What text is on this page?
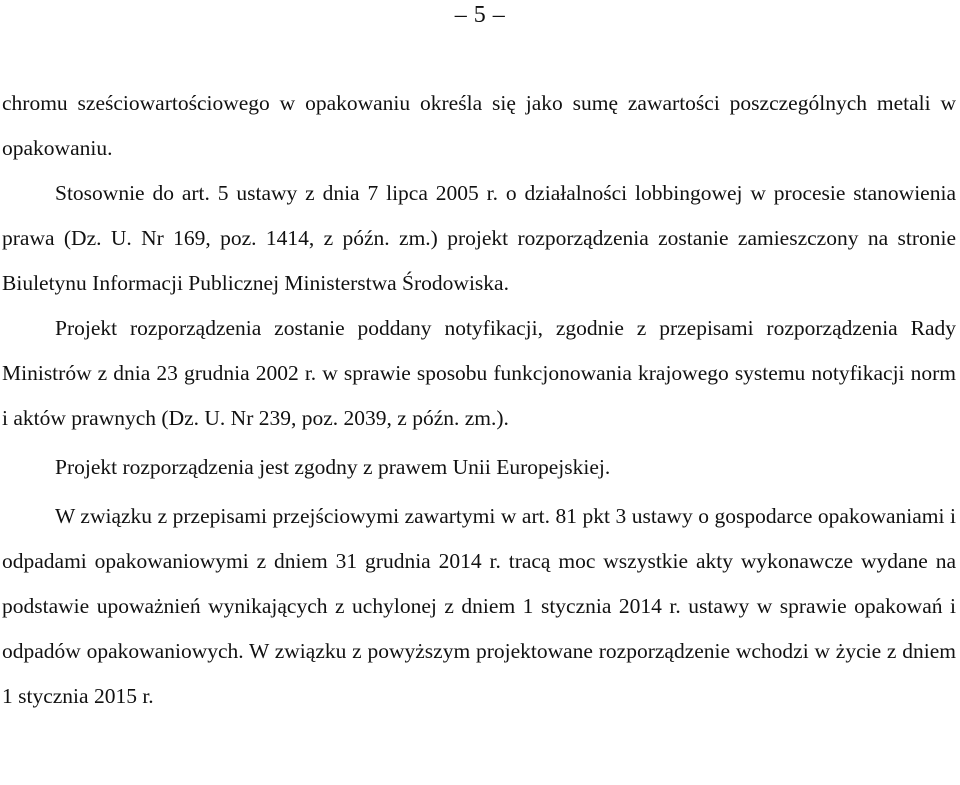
– 5 –

chromu sześciowartościowego w opakowaniu określa się jako sumę zawartości poszczególnych metali w opakowaniu.

Stosownie do art. 5 ustawy z dnia 7 lipca 2005 r. o działalności lobbingowej w procesie stanowienia prawa (Dz. U. Nr 169, poz. 1414, z późn. zm.) projekt rozporządzenia zostanie zamieszczony na stronie Biuletynu Informacji Publicznej Ministerstwa Środowiska.

Projekt rozporządzenia zostanie poddany notyfikacji, zgodnie z przepisami rozporządzenia Rady Ministrów z dnia 23 grudnia 2002 r. w sprawie sposobu funkcjonowania krajowego systemu notyfikacji norm i aktów prawnych (Dz. U. Nr 239, poz. 2039, z późn. zm.).

Projekt rozporządzenia jest zgodny z prawem Unii Europejskiej.

W związku z przepisami przejściowymi zawartymi w art. 81 pkt 3 ustawy o gospodarce opakowaniami i odpadami opakowaniowymi z dniem 31 grudnia 2014 r. tracą moc wszystkie akty wykonawcze wydane na podstawie upoważnień wynikających z uchylonej z dniem 1 stycznia 2014 r. ustawy w sprawie opakowań i odpadów opakowaniowych. W związku z powyższym projektowane rozporządzenie wchodzi w życie z dniem 1 stycznia 2015 r.
